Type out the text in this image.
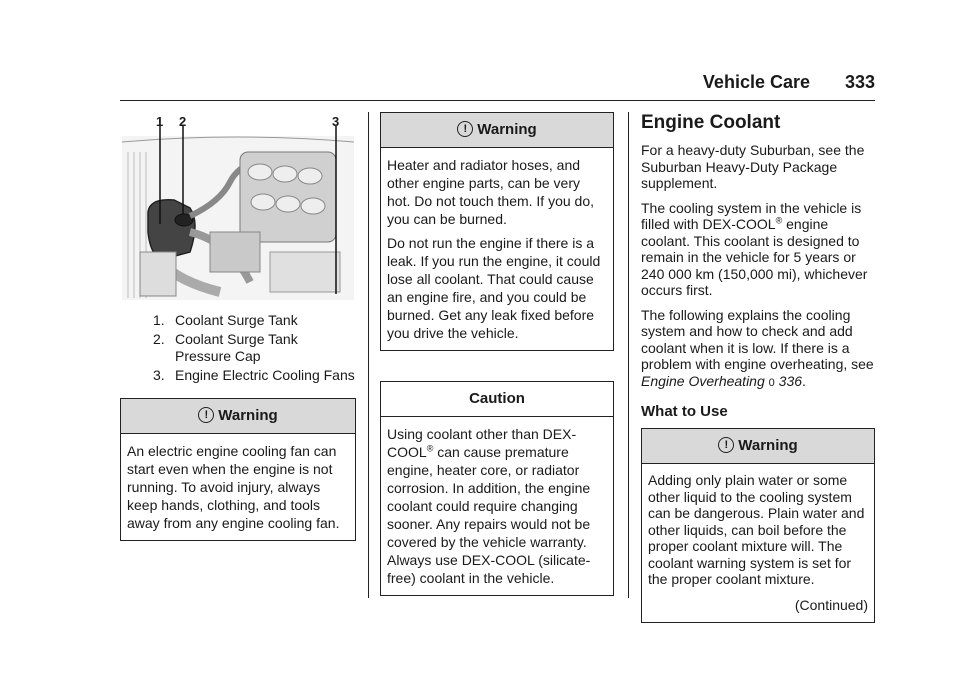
Vehicle Care 333
1 2	3
1. Coolant Surge Tank
2. Coolant Surge Tank Pressure Cap
3. Engine Electric Cooling Fans
! Warning

An electric engine cooling fan can start even when the engine is not running. To avoid injury, always keep hands, clothing, and tools away from any engine cooling fan.

! Warning

Heater and radiator hoses, and other engine parts, can be very hot. Do not touch them. If you do, you can be burned.

Do not run the engine if there is a leak. If you run the engine, it could lose all coolant. That could cause an engine fire, and you could be burned. Get any leak fixed before you drive the vehicle.

Caution

Using coolant other than DEX-COOL® can cause premature engine, heater core, or radiator corrosion. In addition, the engine coolant could require changing sooner. Any repairs would not be covered by the vehicle warranty. Always use DEX-COOL (silicate-free) coolant in the vehicle.

Engine Coolant

For a heavy-duty Suburban, see the Suburban Heavy-Duty Package supplement.

The cooling system in the vehicle is filled with DEX-COOL® engine coolant. This coolant is designed to remain in the vehicle for 5 years or 240 000 km (150,000 mi), whichever occurs first.

The following explains the cooling system and how to check and add coolant when it is low. If there is a problem with engine overheating, see Engine Overheating 0 336.

What to Use
! Warning

Adding only plain water or some other liquid to the cooling system can be dangerous. Plain water and other liquids, can boil before the proper coolant mixture will. The coolant warning system is set for the proper coolant mixture.

(Continued)
